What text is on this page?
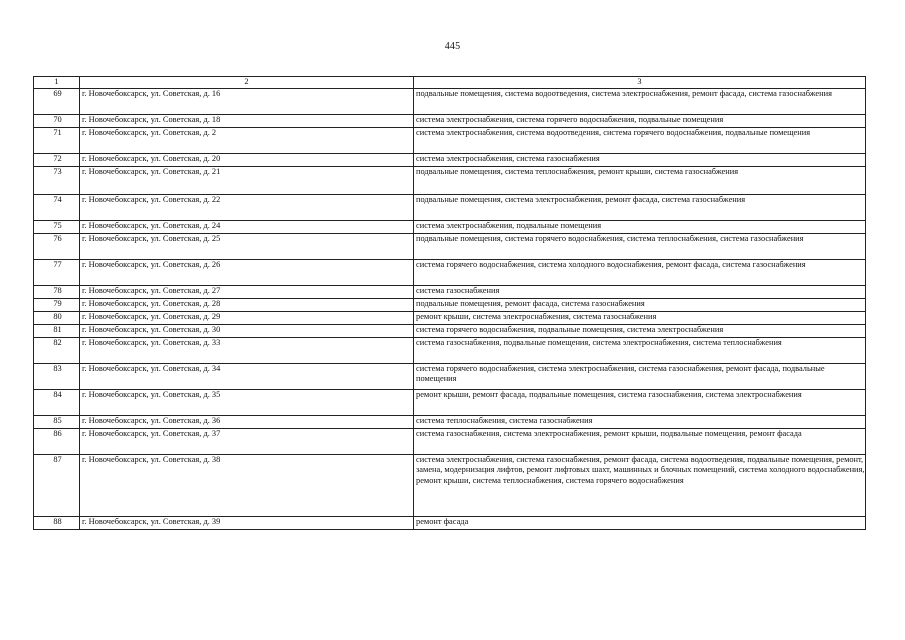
445
1	2	3
69	г. Новочебоксарск, ул. Советская, д. 16	подвальные помещения, система водоотведения, система электроснабжения, ремонт фасада, система газоснабжения
70	г. Новочебоксарск, ул. Советская, д. 18	система электроснабжения, система горячего водоснабжения, подвальные помещения
71	г. Новочебоксарск, ул. Советская, д. 2	система электроснабжения, система водоотведения, система горячего водоснабжения, подвальные помещения
72	г. Новочебоксарск, ул. Советская, д. 20	система электроснабжения, система газоснабжения
73	г. Новочебоксарск, ул. Советская, д. 21	подвальные помещения, система теплоснабжения, ремонт крыши, система газоснабжения
74	г. Новочебоксарск, ул. Советская, д. 22	подвальные помещения, система электроснабжения, ремонт фасада, система газоснабжения
75	г. Новочебоксарск, ул. Советская, д. 24	система электроснабжения, подвальные помещения
76	г. Новочебоксарск, ул. Советская, д. 25	подвальные помещения, система горячего водоснабжения, система теплоснабжения, система газоснабжения
77	г. Новочебоксарск, ул. Советская, д. 26	система горячего водоснабжения, система холодного водоснабжения, ремонт фасада, система газоснабжения
78	г. Новочебоксарск, ул. Советская, д. 27	система газоснабжения
79	г. Новочебоксарск, ул. Советская, д. 28	подвальные помещения, ремонт фасада, система газоснабжения
80	г. Новочебоксарск, ул. Советская, д. 29	ремонт крыши, система электроснабжения, система газоснабжения
81	г. Новочебоксарск, ул. Советская, д. 30	система горячего водоснабжения, подвальные помещения, система электроснабжения
82	г. Новочебоксарск, ул. Советская, д. 33	система газоснабжения, подвальные помещения, система электроснабжения, система теплоснабжения
83	г. Новочебоксарск, ул. Советская, д. 34	система горячего водоснабжения, система электроснабжения, система газоснабжения, ремонт фасада, подвальные помещения
84	г. Новочебоксарск, ул. Советская, д. 35	ремонт крыши, ремонт фасада, подвальные помещения, система газоснабжения, система электроснабжения
85	г. Новочебоксарск, ул. Советская, д. 36	система теплоснабжения, система газоснабжения
86	г. Новочебоксарск, ул. Советская, д. 37	система газоснабжения, система электроснабжения, ремонт крыши, подвальные помещения, ремонт фасада
87	г. Новочебоксарск, ул. Советская, д. 38	система электроснабжения, система газоснабжения, ремонт фасада, система водоотведения, подвальные помещения, ремонт, замена, модернизация лифтов, ремонт лифтовых шахт, машинных и блочных помещений, система холодного водоснабжения, ремонт крыши, система теплоснабжения, система горячего водоснабжения
88	г. Новочебоксарск, ул. Советская, д. 39	ремонт фасада
